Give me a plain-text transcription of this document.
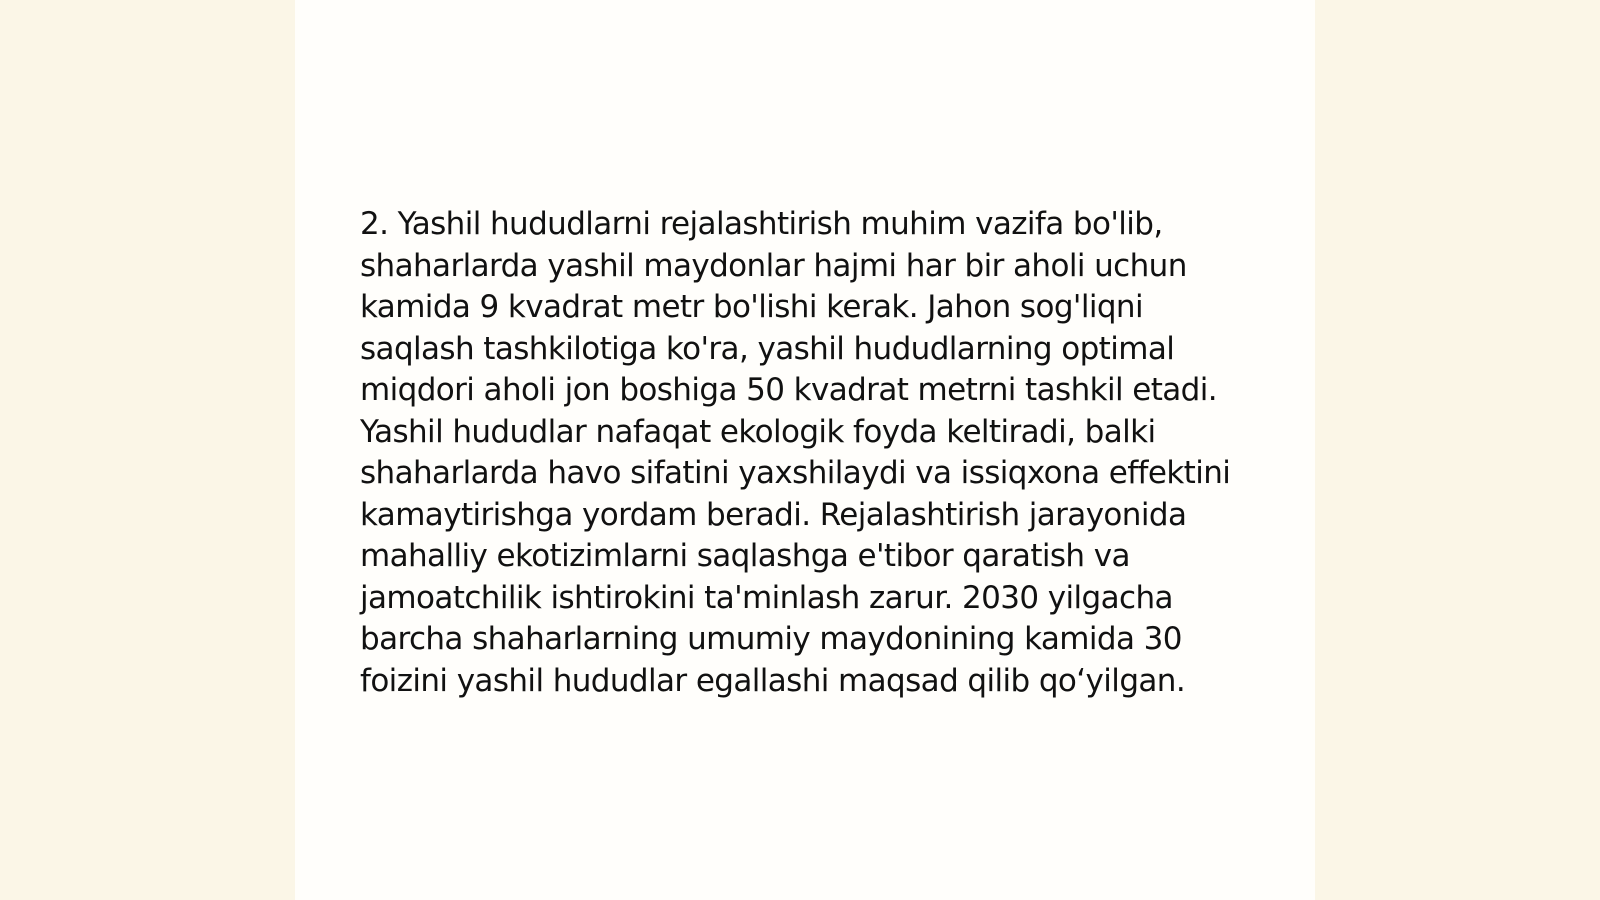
2. Yashil hududlarni rejalashtirish muhim vazifa bo'lib, shaharlarda yashil maydonlar hajmi har bir aholi uchun kamida 9 kvadrat metr bo'lishi kerak. Jahon sog'liqni saqlash tashkilotiga ko'ra, yashil hududlarning optimal miqdori aholi jon boshiga 50 kvadrat metrni tashkil etadi. Yashil hududlar nafaqat ekologik foyda keltiradi, balki shaharlarda havo sifatini yaxshilaydi va issiqxona effektini kamaytirishga yordam beradi. Rejalashtirish jarayonida mahalliy ekotizimlarni saqlashga e'tibor qaratish va jamoatchilik ishtirokini ta'minlash zarur. 2030 yilgacha barcha shaharlarning umumiy maydonining kamida 30 foizini yashil hududlar egallashi maqsad qilib qo‘yilgan.
